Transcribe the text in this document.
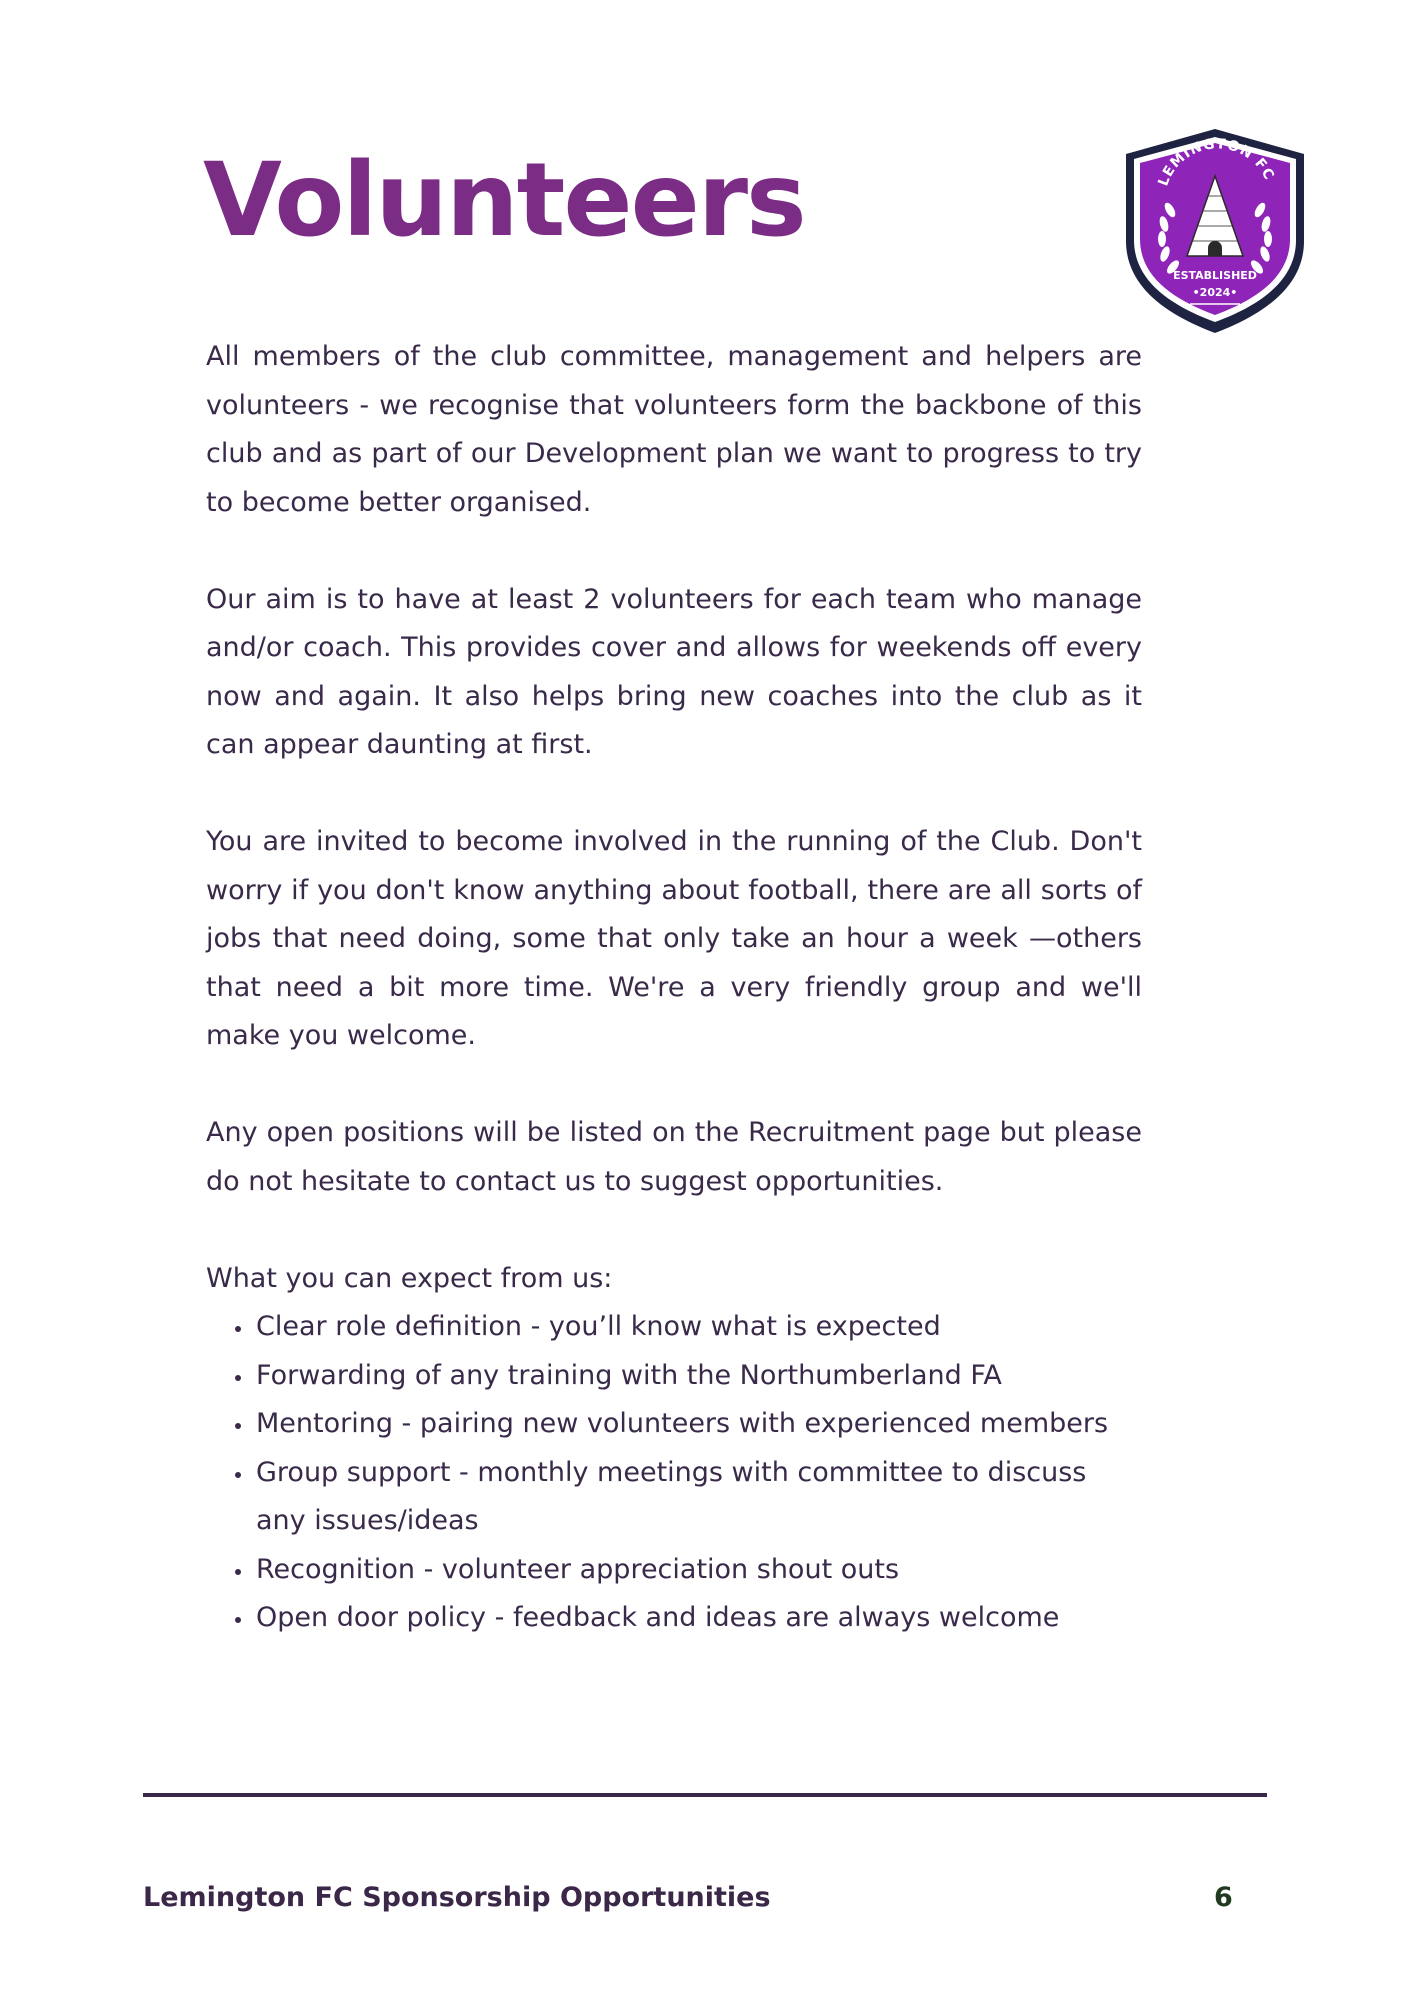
Volunteers	LEMINGTON FC
ESTABLISHED
•2024•

All members of the club committee, management and helpers are volunteers - we recognise that volunteers form the backbone of this club and as part of our Development plan we want to progress to try to become better organised.

Our aim is to have at least 2 volunteers for each team who manage and/or coach. This provides cover and allows for weekends off every now and again. It also helps bring new coaches into the club as it can appear daunting at first.

You are invited to become involved in the running of the Club. Don't worry if you don't know anything about football, there are all sorts of jobs that need doing, some that only take an hour a week —others that need a bit more time. We're a very friendly group and we'll make you welcome.

Any open positions will be listed on the Recruitment page but please do not hesitate to contact us to suggest opportunities.

What you can expect from us:

• Clear role definition - you’ll know what is expected
• Forwarding of any training with the Northumberland FA
• Mentoring - pairing new volunteers with experienced members
• Group support - monthly meetings with committee to discuss any issues/ideas
• Recognition - volunteer appreciation shout outs
• Open door policy - feedback and ideas are always welcome
Lemington FC Sponsorship Opportunities	6
